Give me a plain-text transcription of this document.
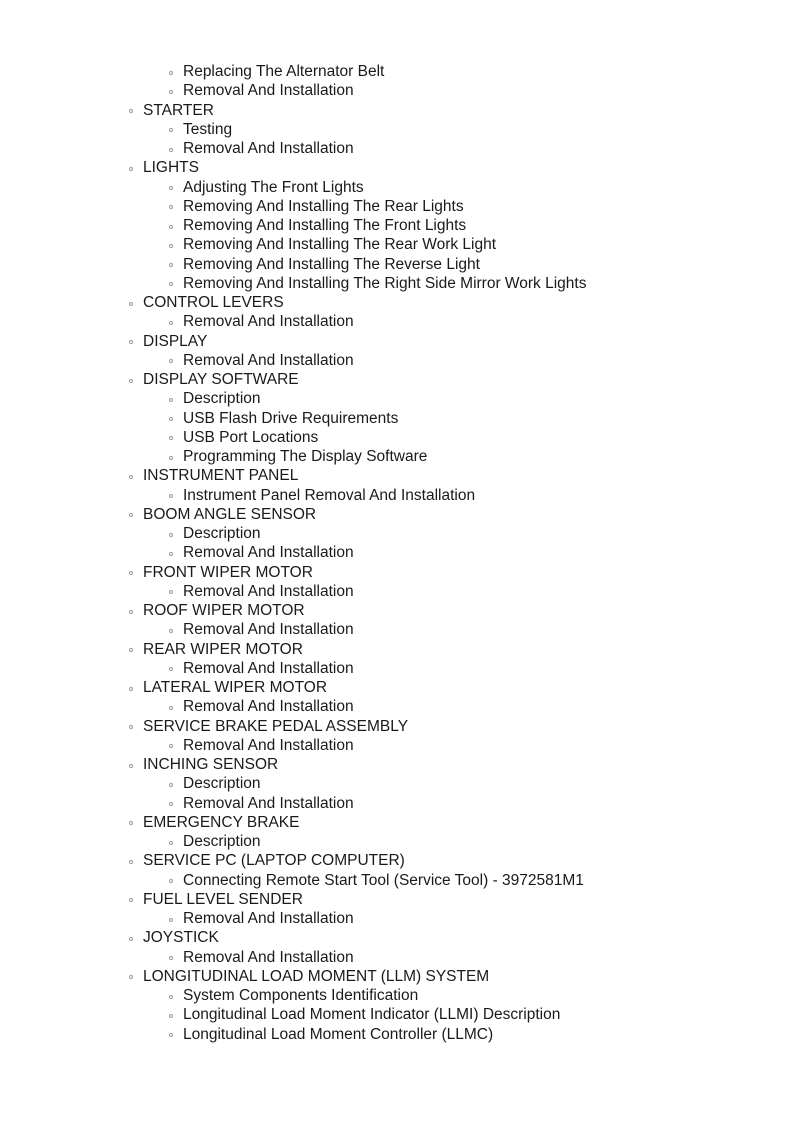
Replacing The Alternator Belt
Removal And Installation
STARTER
Testing
Removal And Installation
LIGHTS
Adjusting The Front Lights
Removing And Installing The Rear Lights
Removing And Installing The Front Lights
Removing And Installing The Rear Work Light
Removing And Installing The Reverse Light
Removing And Installing The Right Side Mirror Work Lights
CONTROL LEVERS
Removal And Installation
DISPLAY
Removal And Installation
DISPLAY SOFTWARE
Description
USB Flash Drive Requirements
USB Port Locations
Programming The Display Software
INSTRUMENT PANEL
Instrument Panel Removal And Installation
BOOM ANGLE SENSOR
Description
Removal And Installation
FRONT WIPER MOTOR
Removal And Installation
ROOF WIPER MOTOR
Removal And Installation
REAR WIPER MOTOR
Removal And Installation
LATERAL WIPER MOTOR
Removal And Installation
SERVICE BRAKE PEDAL ASSEMBLY
Removal And Installation
INCHING SENSOR
Description
Removal And Installation
EMERGENCY BRAKE
Description
SERVICE PC (LAPTOP COMPUTER)
Connecting Remote Start Tool (Service Tool) - 3972581M1
FUEL LEVEL SENDER
Removal And Installation
JOYSTICK
Removal And Installation
LONGITUDINAL LOAD MOMENT (LLM) SYSTEM
System Components Identification
Longitudinal Load Moment Indicator (LLMI) Description
Longitudinal Load Moment Controller (LLMC)
